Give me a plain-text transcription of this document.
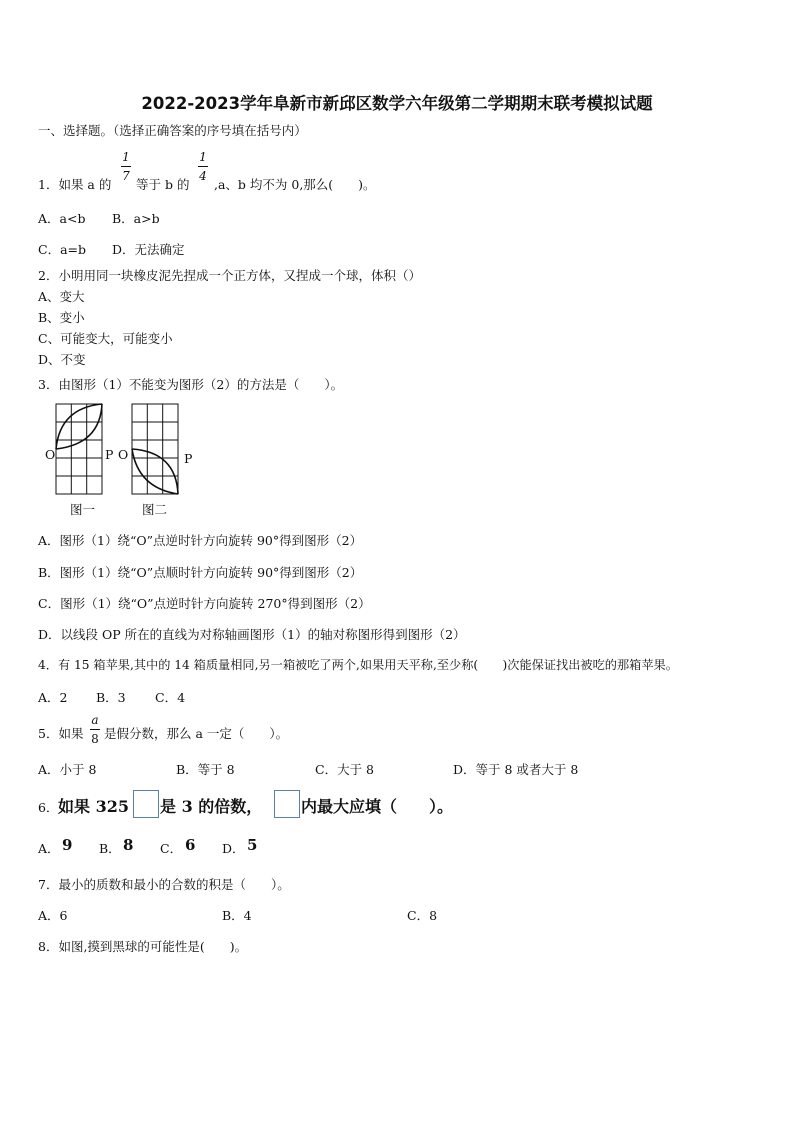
2022-2023学年阜新市新邱区数学六年级第二学期期末联考模拟试题
一、选择题。（选择正确答案的序号填在括号内）
1
7
1
4
1．如果 a 的 等于 b 的 ,a、b 均不为 0,那么(　　)。
A．a<b B．a>b
C．a=b D．无法确定
2．小明用同一块橡皮泥先捏成一个正方体，又捏成一个球，体积（）
A、变大
B、变小
C、可能变大，可能变小
D、不变
3．由图形（1）不能变为图形（2）的方法是（　　）。
O	P O	P
图一	图二
A．图形（1）绕“O”点逆时针方向旋转 90°得到图形（2）
B．图形（1）绕“O”点顺时针方向旋转 90°得到图形（2）
C．图形（1）绕“O”点逆时针方向旋转 270°得到图形（2）
D．以线段 OP 所在的直线为对称轴画图形（1）的轴对称图形得到图形（2）
4．有 15 箱苹果,其中的 14 箱质量相同,另一箱被吃了两个,如果用天平称,至少称(　　)次能保证找出被吃的那箱苹果。
A．2 B．3 C．4
5．如果
a
8 是假分数，那么 a 一定（　　）。
A．小于 8	B．等于 8	C．大于 8	D．等于 8 或者大于 8
6． 如果 325 是 3 的倍数， 内最大应填（　　）。
A． 9 B． 8 C． 6 D． 5
7．最小的质数和最小的合数的积是（　　）。
A．6	B．4	C．8
8．如图,摸到黑球的可能性是(　　)。
